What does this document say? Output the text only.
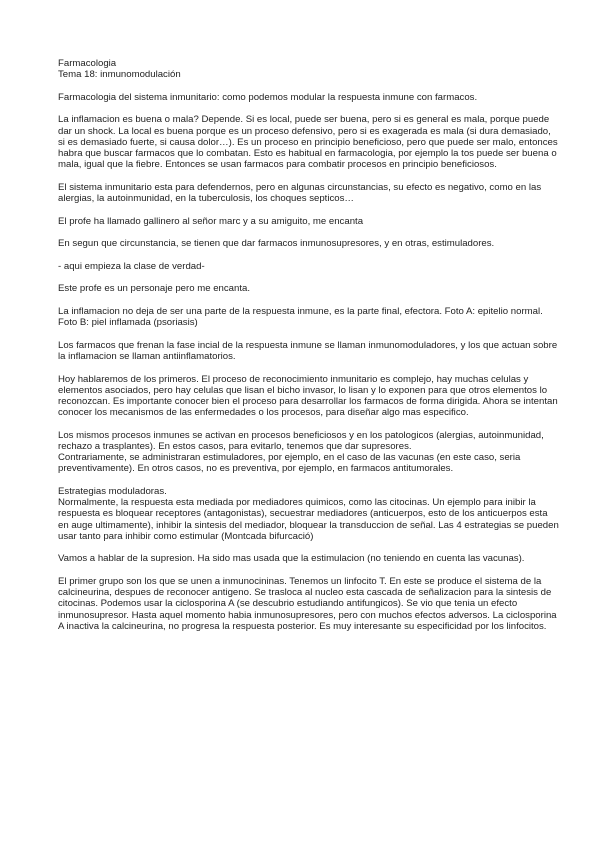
Farmacologia

Tema 18: inmunomodulación

Farmacologia del sistema inmunitario: como podemos modular la respuesta inmune con farmacos.

La inflamacion es buena o mala? Depende. Si es local, puede ser buena, pero si es general es mala, porque puede dar un shock. La local es buena porque es un proceso defensivo, pero si es exagerada es mala (si dura demasiado, si es demasiado fuerte, si causa dolor…). Es un proceso en principio beneficioso, pero que puede ser malo, entonces habra que buscar farmacos que lo combatan. Esto es habitual en farmacologia, por ejemplo la tos puede ser buena o mala, igual que la fiebre. Entonces se usan farmacos para combatir procesos en principio beneficiosos.

El sistema inmunitario esta para defendernos, pero en algunas circunstancias, su efecto es negativo, como en las alergias, la autoinmunidad, en la tuberculosis, los choques septicos…

El profe ha llamado gallinero al señor marc y a su amiguito, me encanta

En segun que circunstancia, se tienen que dar farmacos inmunosupresores, y en otras, estimuladores.

- aqui empieza la clase de verdad-

Este profe es un personaje pero me encanta.

La inflamacion no deja de ser una parte de la respuesta inmune, es la parte final, efectora. Foto A: epitelio normal. Foto B: piel inflamada (psoriasis)

Los farmacos que frenan la fase incial de la respuesta inmune se llaman inmunomoduladores, y los que actuan sobre la inflamacion se llaman antiinflamatorios.

Hoy hablaremos de los primeros. El proceso de reconocimiento inmunitario es complejo, hay muchas celulas y elementos asociados, pero hay celulas que lisan el bicho invasor, lo lisan y lo exponen para que otros elementos lo reconozcan. Es importante conocer bien el proceso para desarrollar los farmacos de forma dirigida. Ahora se intentan conocer los mecanismos de las enfermedades o los procesos, para diseñar algo mas especifico.

Los mismos procesos inmunes se activan en procesos beneficiosos y en los patologicos (alergias, autoinmunidad, rechazo a trasplantes). En estos casos, para evitarlo, tenemos que dar supresores.

Contrariamente, se administraran estimuladores, por ejemplo, en el caso de las vacunas (en este caso, seria preventivamente). En otros casos, no es preventiva, por ejemplo, en farmacos antitumorales.

Estrategias moduladoras.

Normalmente, la respuesta esta mediada por mediadores quimicos, como las citocinas. Un ejemplo para inibir la respuesta es bloquear receptores (antagonistas), secuestrar mediadores (anticuerpos, esto de los anticuerpos esta en auge ultimamente), inhibir la sintesis del mediador, bloquear la transduccion de señal. Las 4 estrategias se pueden usar tanto para inhibir como estimular (Montcada bifurcació)

Vamos a hablar de la supresion. Ha sido mas usada que la estimulacion (no teniendo en cuenta las vacunas).

El primer grupo son los que se unen a inmunocininas. Tenemos un linfocito T. En este se produce el sistema de la calcineurina, despues de reconocer antigeno. Se trasloca al nucleo esta cascada de señalizacion para la sintesis de citocinas. Podemos usar la ciclosporina A (se descubrio estudiando antifungicos). Se vio que tenia un efecto inmunosupresor. Hasta aquel momento habia inmunosupresores, pero con muchos efectos adversos. La ciclosporina A inactiva la calcineurina, no progresa la respuesta posterior. Es muy interesante su especificidad por los linfocitos.
